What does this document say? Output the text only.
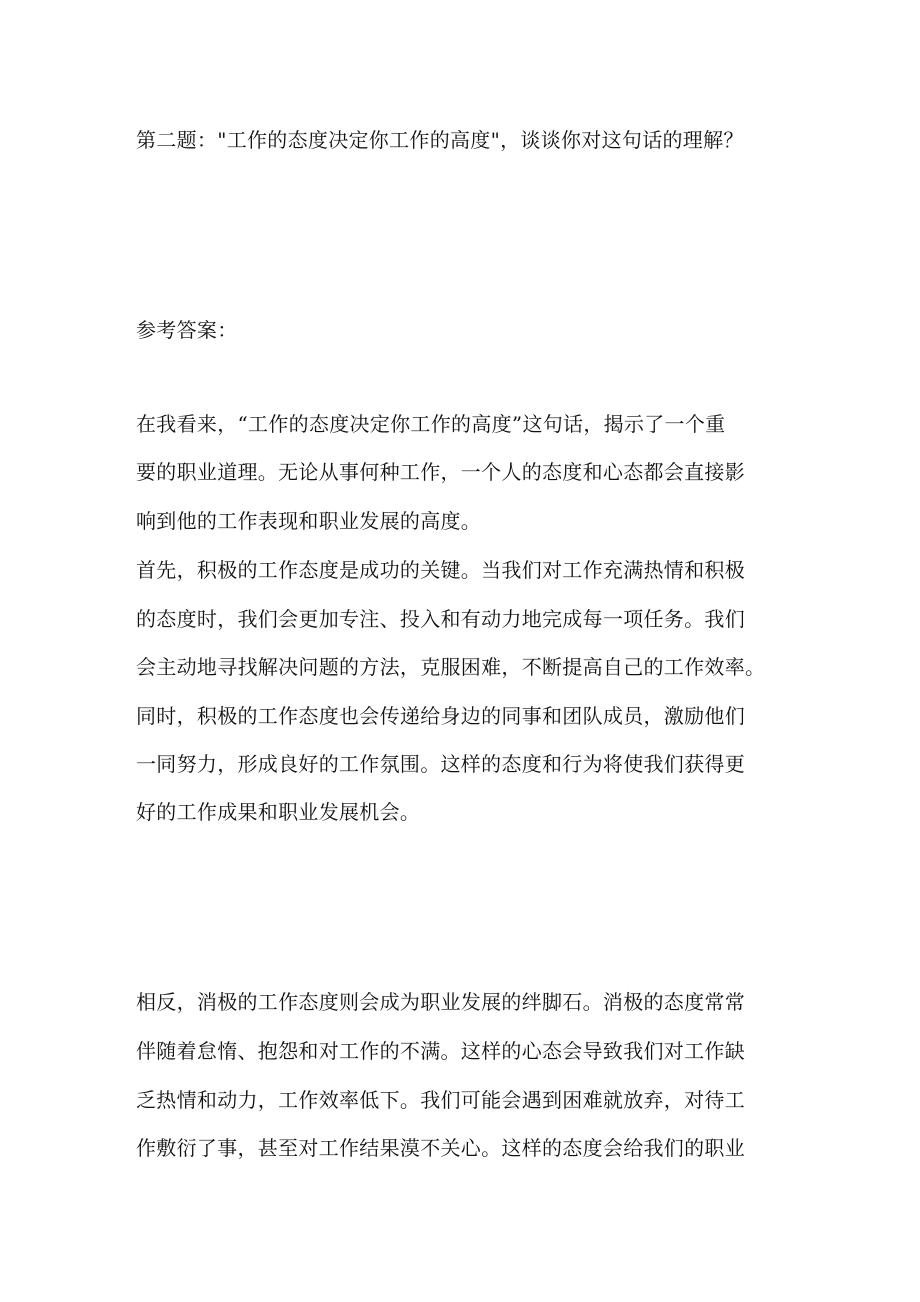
第二题："工作的态度决定你工作的高度"，谈谈你对这句话的理解？
参考答案：
在我看来，“工作的态度决定你工作的高度”这句话，揭示了一个重
要的职业道理。无论从事何种工作，一个人的态度和心态都会直接影
响到他的工作表现和职业发展的高度。
首先，积极的工作态度是成功的关键。当我们对工作充满热情和积极
的态度时，我们会更加专注、投入和有动力地完成每一项任务。我们
会主动地寻找解决问题的方法，克服困难，不断提高自己的工作效率。
同时，积极的工作态度也会传递给身边的同事和团队成员，激励他们
一同努力，形成良好的工作氛围。这样的态度和行为将使我们获得更
好的工作成果和职业发展机会。
相反，消极的工作态度则会成为职业发展的绊脚石。消极的态度常常
伴随着怠惰、抱怨和对工作的不满。这样的心态会导致我们对工作缺
乏热情和动力，工作效率低下。我们可能会遇到困难就放弃，对待工
作敷衍了事，甚至对工作结果漠不关心。这样的态度会给我们的职业
